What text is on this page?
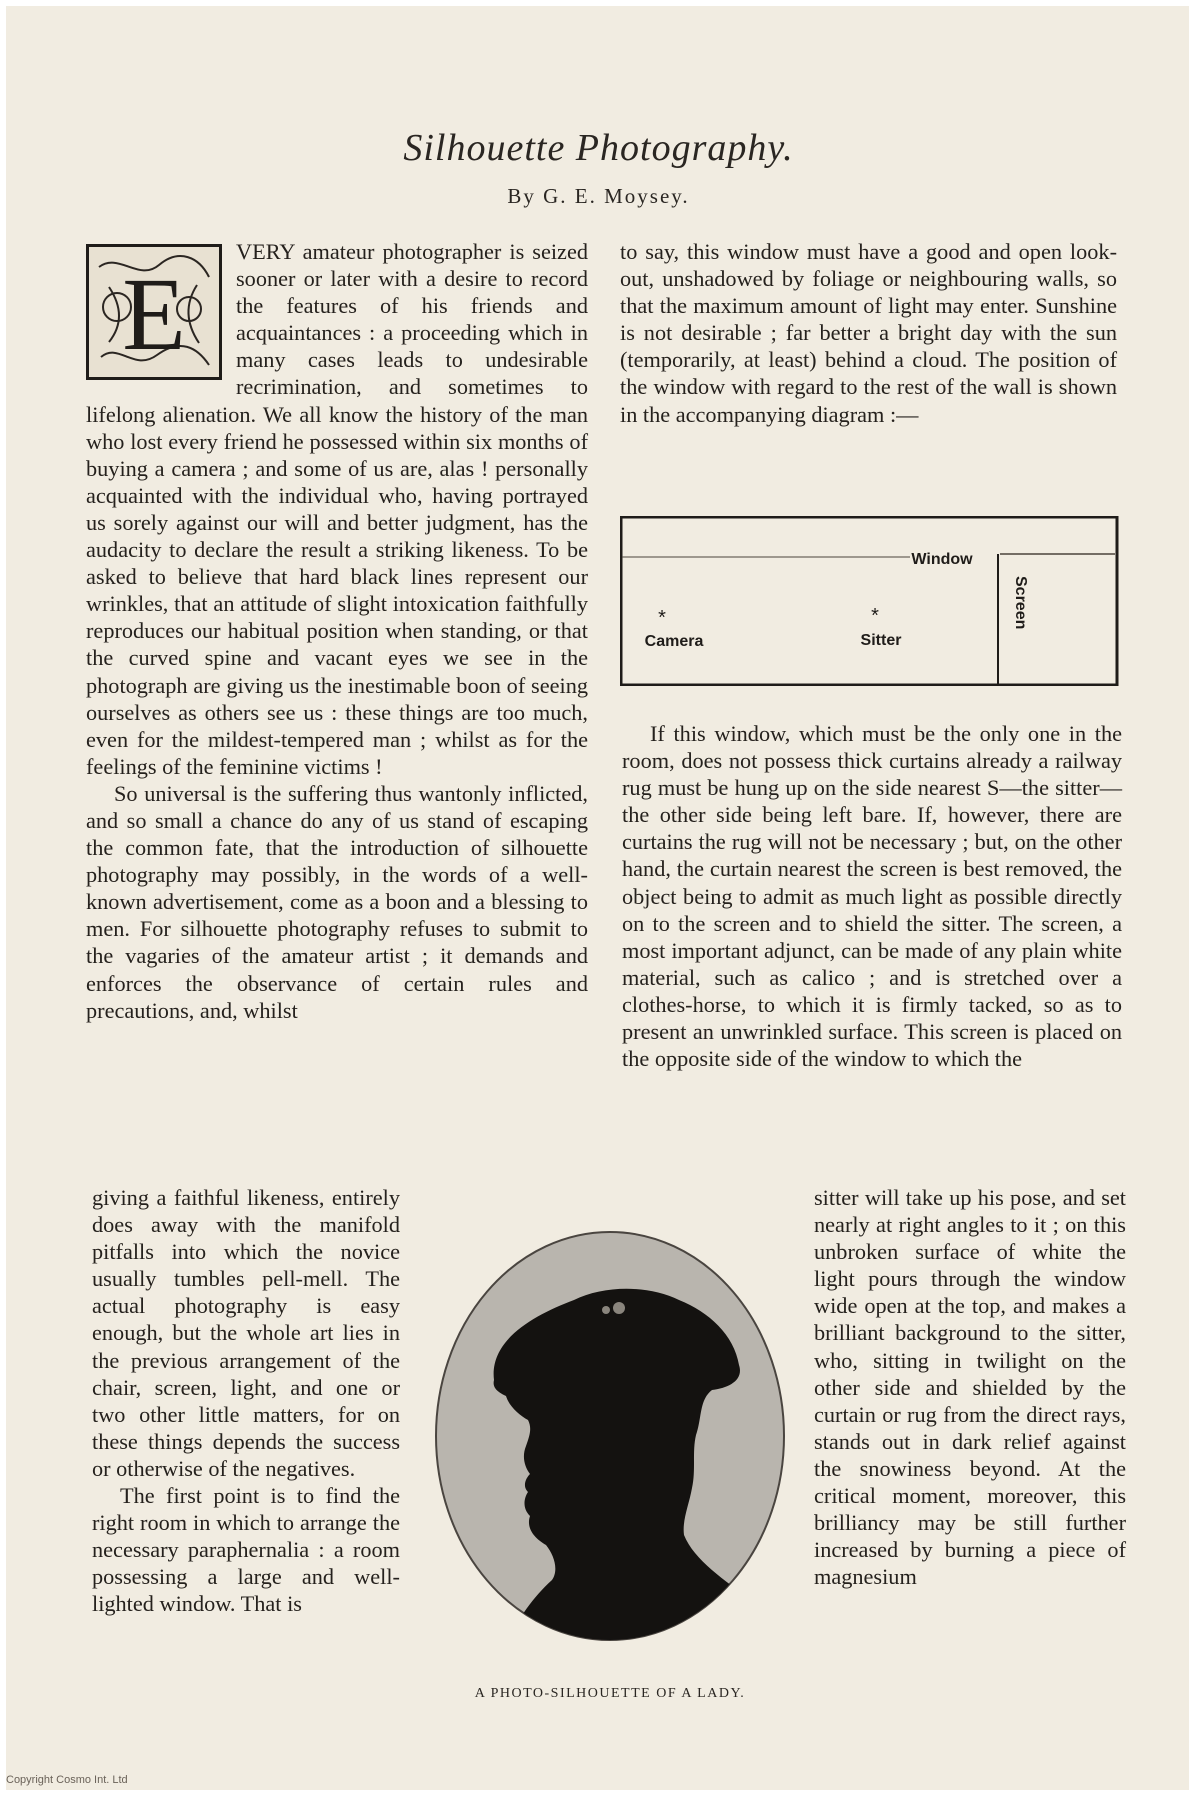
Silhouette Photography.
By G. E. Moysey.
E

VERY amateur photographer is seized sooner or later with a desire to record the features of his friends and acquaintances : a proceeding which in many cases leads to undesirable recrimination, and sometimes to lifelong alienation. We all know the history of the man who lost every friend he possessed within six months of buying a camera ; and some of us are, alas ! personally acquainted with the individual who, having portrayed us sorely against our will and better judgment, has the audacity to declare the result a striking likeness. To be asked to believe that hard black lines represent our wrinkles, that an attitude of slight intoxication faithfully reproduces our habitual position when standing, or that the curved spine and vacant eyes we see in the photograph are giving us the inestimable boon of seeing ourselves as others see us : these things are too much, even for the mildest-tempered man ; whilst as for the feelings of the feminine victims !

So universal is the suffering thus wantonly inflicted, and so small a chance do any of us stand of escaping the common fate, that the introduction of silhouette photography may possibly, in the words of a well-known advertisement, come as a boon and a blessing to men. For silhouette photography refuses to submit to the vagaries of the amateur artist ; it demands and enforces the observance of certain rules and precautions, and, whilst

giving a faithful likeness, entirely does away with the manifold pitfalls into which the novice usually tumbles pell-mell. The actual photography is easy enough, but the whole art lies in the previous arrangement of the chair, screen, light, and one or two other little matters, for on these things depends the success or otherwise of the negatives.

The first point is to find the right room in which to arrange the necessary paraphernalia : a room possessing a large and well-lighted window. That is

to say, this window must have a good and open look-out, unshadowed by foliage or neighbouring walls, so that the maximum amount of light may enter. Sunshine is not desirable ; far better a bright day with the sun (temporarily, at least) behind a cloud. The position of the window with regard to the rest of the wall is shown in the accompanying diagram :—

Window
Screen
*
Camera
*
Sitter

If this window, which must be the only one in the room, does not possess thick curtains already a railway rug must be hung up on the side nearest S—the sitter—the other side being left bare. If, however, there are curtains the rug will not be necessary ; but, on the other hand, the curtain nearest the screen is best removed, the object being to admit as much light as possible directly on to the screen and to shield the sitter. The screen, a most important adjunct, can be made of any plain white material, such as calico ; and is stretched over a clothes-horse, to which it is firmly tacked, so as to present an unwrinkled surface. This screen is placed on the opposite side of the window to which the

sitter will take up his pose, and set nearly at right angles to it ; on this unbroken surface of white the light pours through the window wide open at the top, and makes a brilliant background to the sitter, who, sitting in twilight on the other side and shielded by the curtain or rug from the direct rays, stands out in dark relief against the snowiness beyond. At the critical moment, moreover, this brilliancy may be still further increased by burning a piece of magnesium

A PHOTO-SILHOUETTE OF A LADY.
Copyright Cosmo Int. Ltd
